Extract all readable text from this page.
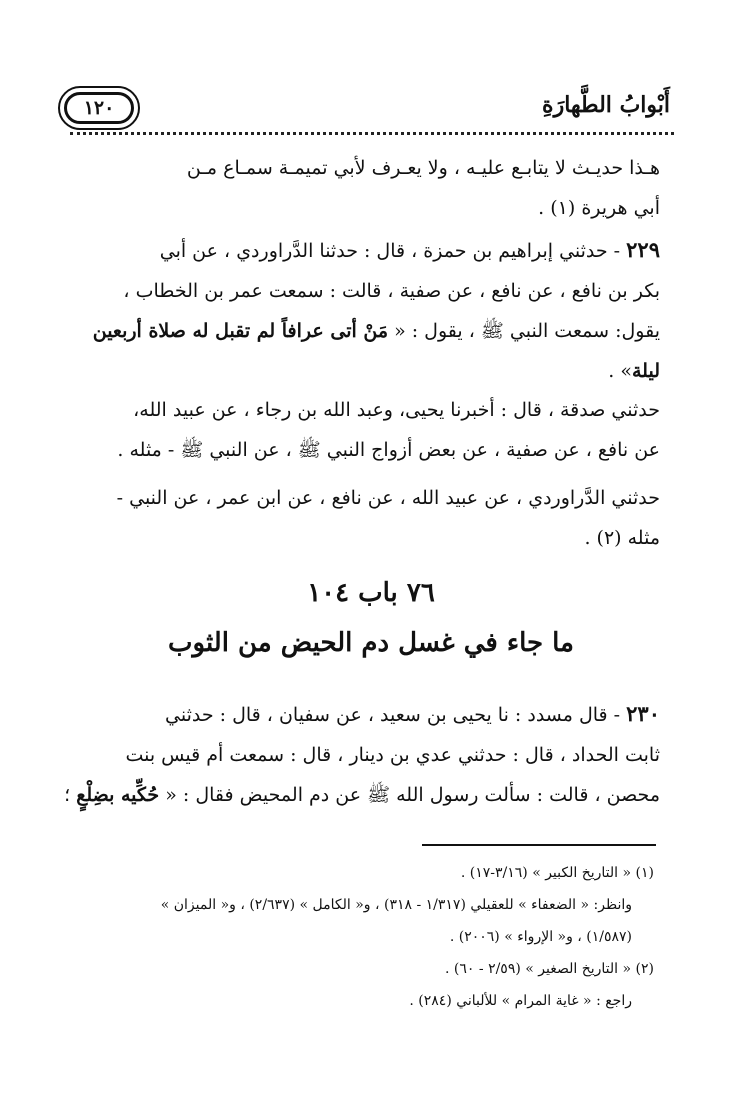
أَبْوابُ الطَّهارَةِ
١٢٠
هـذا حديـث لا يتابـع عليـه ، ولا يعـرف لأبي تميمـة سمـاع مـن
أبي هريرة (١) .
٢٢٩ - حدثني إبراهيم بن حمزة ، قال : حدثنا الدَّراوردي ، عن أبي
بكر بن نافع ، عن نافع ، عن صفية ، قالت : سمعت عمر بن الخطاب ،
يقول: سمعت النبي ﷺ ، يقول : « مَنْ أتى عرافاً لم تقبل له صلاة أربعين
ليلة» .
حدثني صدقة ، قال : أخبرنا يحيى، وعبد الله بن رجاء ، عن عبيد الله،
عن نافع ، عن صفية ، عن بعض أزواج النبي ﷺ ، عن النبي ﷺ - مثله .
حدثني الدَّراوردي ، عن عبيد الله ، عن نافع ، عن ابن عمر ، عن النبي -
مثله (٢) .
٧٦ باب ١٠٤
ما جاء في غسل دم الحيض من الثوب
٢٣٠ - قال مسدد : نا يحيى بن سعيد ، عن سفيان ، قال : حدثني
ثابت الحداد ، قال : حدثني عدي بن دينار ، قال : سمعت أم قيس بنت
محصن ، قالت : سألت رسول الله ﷺ عن دم المحيض فقال : « حُكِّيه بضِلْعٍ ؛
(١) « التاريخ الكبير » (٣/١٦-١٧) .
وانظر: « الضعفاء » للعقيلي (١/٣١٧ - ٣١٨) ، و« الكامل » (٢/٦٣٧) ، و« الميزان »
(١/٥٨٧) ، و« الإرواء » (٢٠٠٦) .
(٢) « التاريخ الصغير » (٢/٥٩ - ٦٠) .
راجع : « غاية المرام » للألباني (٢٨٤) .
